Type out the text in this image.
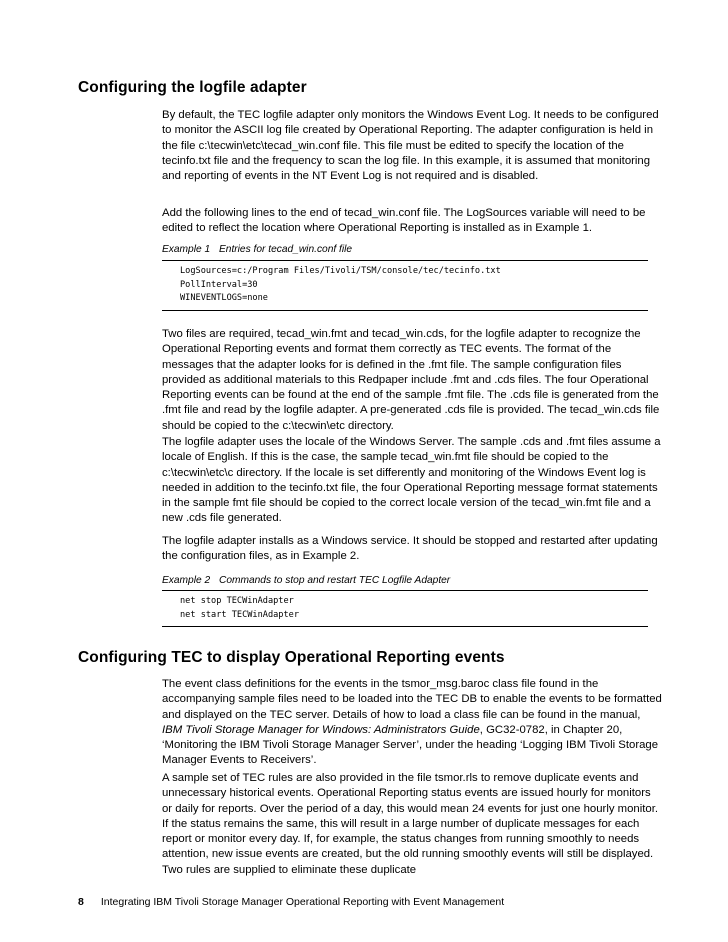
Configuring the logfile adapter

By default, the TEC logfile adapter only monitors the Windows Event Log. It needs to be configured to monitor the ASCII log file created by Operational Reporting. The adapter configuration is held in the file c:\tecwin\etc\tecad_win.conf file. This file must be edited to specify the location of the tecinfo.txt file and the frequency to scan the log file. In this example, it is assumed that monitoring and reporting of events in the NT Event Log is not required and is disabled.

Add the following lines to the end of tecad_win.conf file. The LogSources variable will need to be edited to reflect the location where Operational Reporting is installed as in Example 1.

Example 1 Entries for tecad_win.conf file
LogSources=c:/Program Files/Tivoli/TSM/console/tec/tecinfo.txt
PollInterval=30
WINEVENTLOGS=none

Two files are required, tecad_win.fmt and tecad_win.cds, for the logfile adapter to recognize the Operational Reporting events and format them correctly as TEC events. The format of the messages that the adapter looks for is defined in the .fmt file. The sample configuration files provided as additional materials to this Redpaper include .fmt and .cds files. The four Operational Reporting events can be found at the end of the sample .fmt file. The .cds file is generated from the .fmt file and read by the logfile adapter. A pre-generated .cds file is provided. The tecad_win.cds file should be copied to the c:\tecwin\etc directory.

The logfile adapter uses the locale of the Windows Server. The sample .cds and .fmt files assume a locale of English. If this is the case, the sample tecad_win.fmt file should be copied to the c:\tecwin\etc\c directory. If the locale is set differently and monitoring of the Windows Event log is needed in addition to the tecinfo.txt file, the four Operational Reporting message format statements in the sample fmt file should be copied to the correct locale version of the tecad_win.fmt file and a new .cds file generated.

The logfile adapter installs as a Windows service. It should be stopped and restarted after updating the configuration files, as in Example 2.

Example 2 Commands to stop and restart TEC Logfile Adapter
net stop TECWinAdapter
net start TECWinAdapter
Configuring TEC to display Operational Reporting events

The event class definitions for the events in the tsmor_msg.baroc class file found in the accompanying sample files need to be loaded into the TEC DB to enable the events to be formatted and displayed on the TEC server. Details of how to load a class file can be found in the manual, IBM Tivoli Storage Manager for Windows: Administrators Guide, GC32-0782, in Chapter 20, ‘Monitoring the IBM Tivoli Storage Manager Server’, under the heading ‘Logging IBM Tivoli Storage Manager Events to Receivers’.

A sample set of TEC rules are also provided in the file tsmor.rls to remove duplicate events and unnecessary historical events. Operational Reporting status events are issued hourly for monitors or daily for reports. Over the period of a day, this would mean 24 events for just one hourly monitor. If the status remains the same, this will result in a large number of duplicate messages for each report or monitor every day. If, for example, the status changes from running smoothly to needs attention, new issue events are created, but the old running smoothly events will still be displayed. Two rules are supplied to eliminate these duplicate

8 Integrating IBM Tivoli Storage Manager Operational Reporting with Event Management
